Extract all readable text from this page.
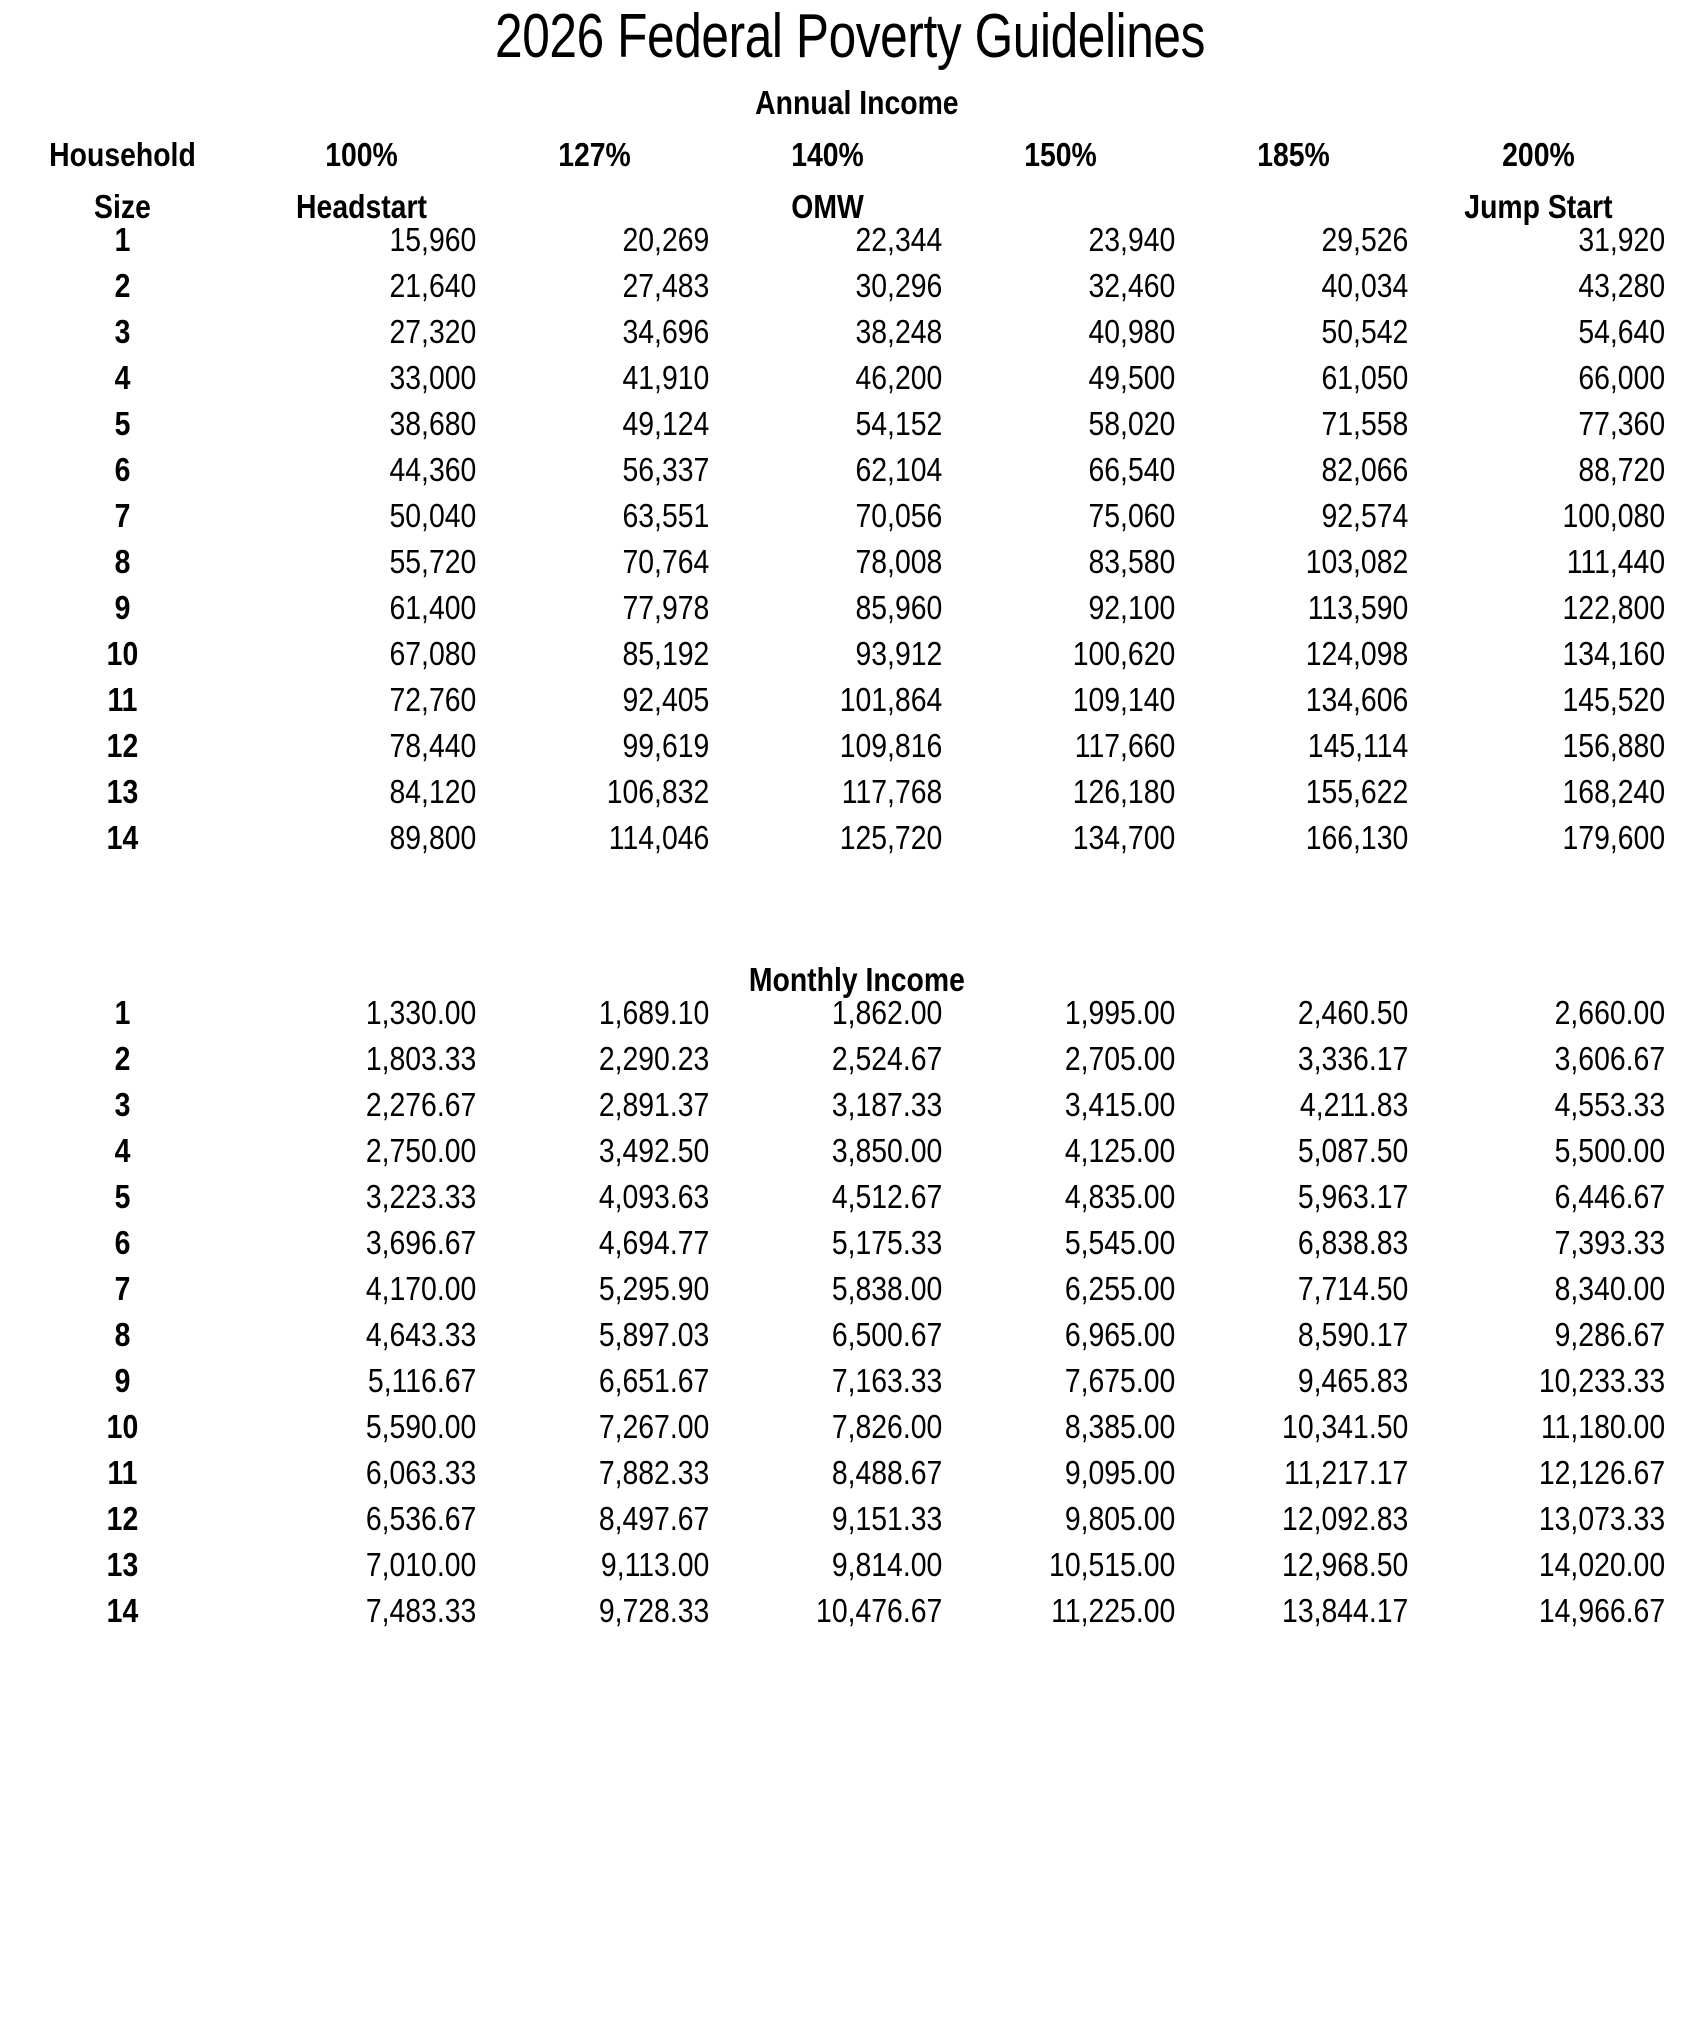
2026 Federal Poverty Guidelines
Annual Income
Household	100%	127%	140%	150%	185%	200%	

Size	Headstart		OMW			Jump Start	

1	15,960	20,269	22,344	23,940	29,526	31,920	

2	21,640	27,483	30,296	32,460	40,034	43,280	

3	27,320	34,696	38,248	40,980	50,542	54,640	

4	33,000	41,910	46,200	49,500	61,050	66,000	

5	38,680	49,124	54,152	58,020	71,558	77,360	

6	44,360	56,337	62,104	66,540	82,066	88,720	

7	50,040	63,551	70,056	75,060	92,574	100,080	

8	55,720	70,764	78,008	83,580	103,082	111,440	

9	61,400	77,978	85,960	92,100	113,590	122,800	

10	67,080	85,192	93,912	100,620	124,098	134,160	

11	72,760	92,405	101,864	109,140	134,606	145,520	

12	78,440	99,619	109,816	117,660	145,114	156,880	

13	84,120	106,832	117,768	126,180	155,622	168,240	

14	89,800	114,046	125,720	134,700	166,130	179,600	

Monthly Income
1	1,330.00	1,689.10	1,862.00	1,995.00	2,460.50	2,660.00	

2	1,803.33	2,290.23	2,524.67	2,705.00	3,336.17	3,606.67	

3	2,276.67	2,891.37	3,187.33	3,415.00	4,211.83	4,553.33	

4	2,750.00	3,492.50	3,850.00	4,125.00	5,087.50	5,500.00	

5	3,223.33	4,093.63	4,512.67	4,835.00	5,963.17	6,446.67	

6	3,696.67	4,694.77	5,175.33	5,545.00	6,838.83	7,393.33	

7	4,170.00	5,295.90	5,838.00	6,255.00	7,714.50	8,340.00	

8	4,643.33	5,897.03	6,500.67	6,965.00	8,590.17	9,286.67	

9	5,116.67	6,651.67	7,163.33	7,675.00	9,465.83	10,233.33	

10	5,590.00	7,267.00	7,826.00	8,385.00	10,341.50	11,180.00	

11	6,063.33	7,882.33	8,488.67	9,095.00	11,217.17	12,126.67	

12	6,536.67	8,497.67	9,151.33	9,805.00	12,092.83	13,073.33	

13	7,010.00	9,113.00	9,814.00	10,515.00	12,968.50	14,020.00	

14	7,483.33	9,728.33	10,476.67	11,225.00	13,844.17	14,966.67	
